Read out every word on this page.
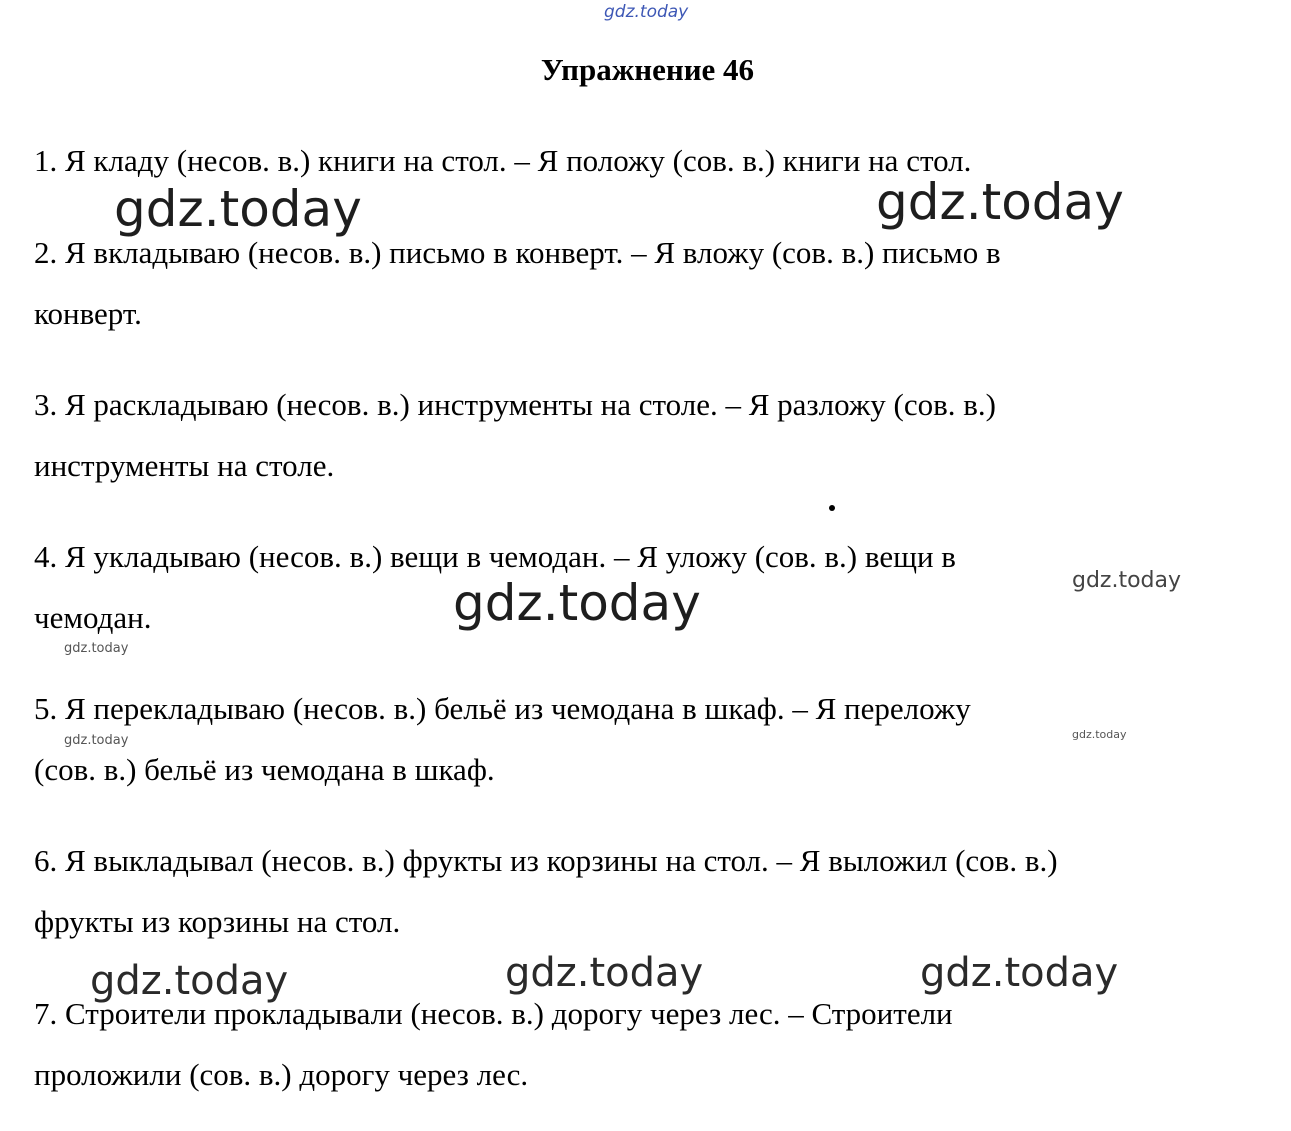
gdz.today
Упражнение 46
1. Я кладу (несов. в.) книги на стол. – Я положу (сов. в.) книги на стол.
2. Я вкладываю (несов. в.) письмо в конверт. – Я вложу (сов. в.) письмо в
конверт.
3. Я раскладываю (несов. в.) инструменты на столе. – Я разложу (сов. в.)
инструменты на столе.
4. Я укладываю (несов. в.) вещи в чемодан. – Я уложу (сов. в.) вещи в
чемодан.
5. Я перекладываю (несов. в.) бельё из чемодана в шкаф. – Я переложу
(сов. в.) бельё из чемодана в шкаф.
6. Я выкладывал (несов. в.) фрукты из корзины на стол. – Я выложил (сов. в.)
фрукты из корзины на стол.
7. Строители прокладывали (несов. в.) дорогу через лес. – Строители
проложили (сов. в.) дорогу через лес.
gdz.today	gdz.today
gdz.today	gdz.today
gdz.today
gdz.today	gdz.today
gdz.today	gdz.today	gdz.today
